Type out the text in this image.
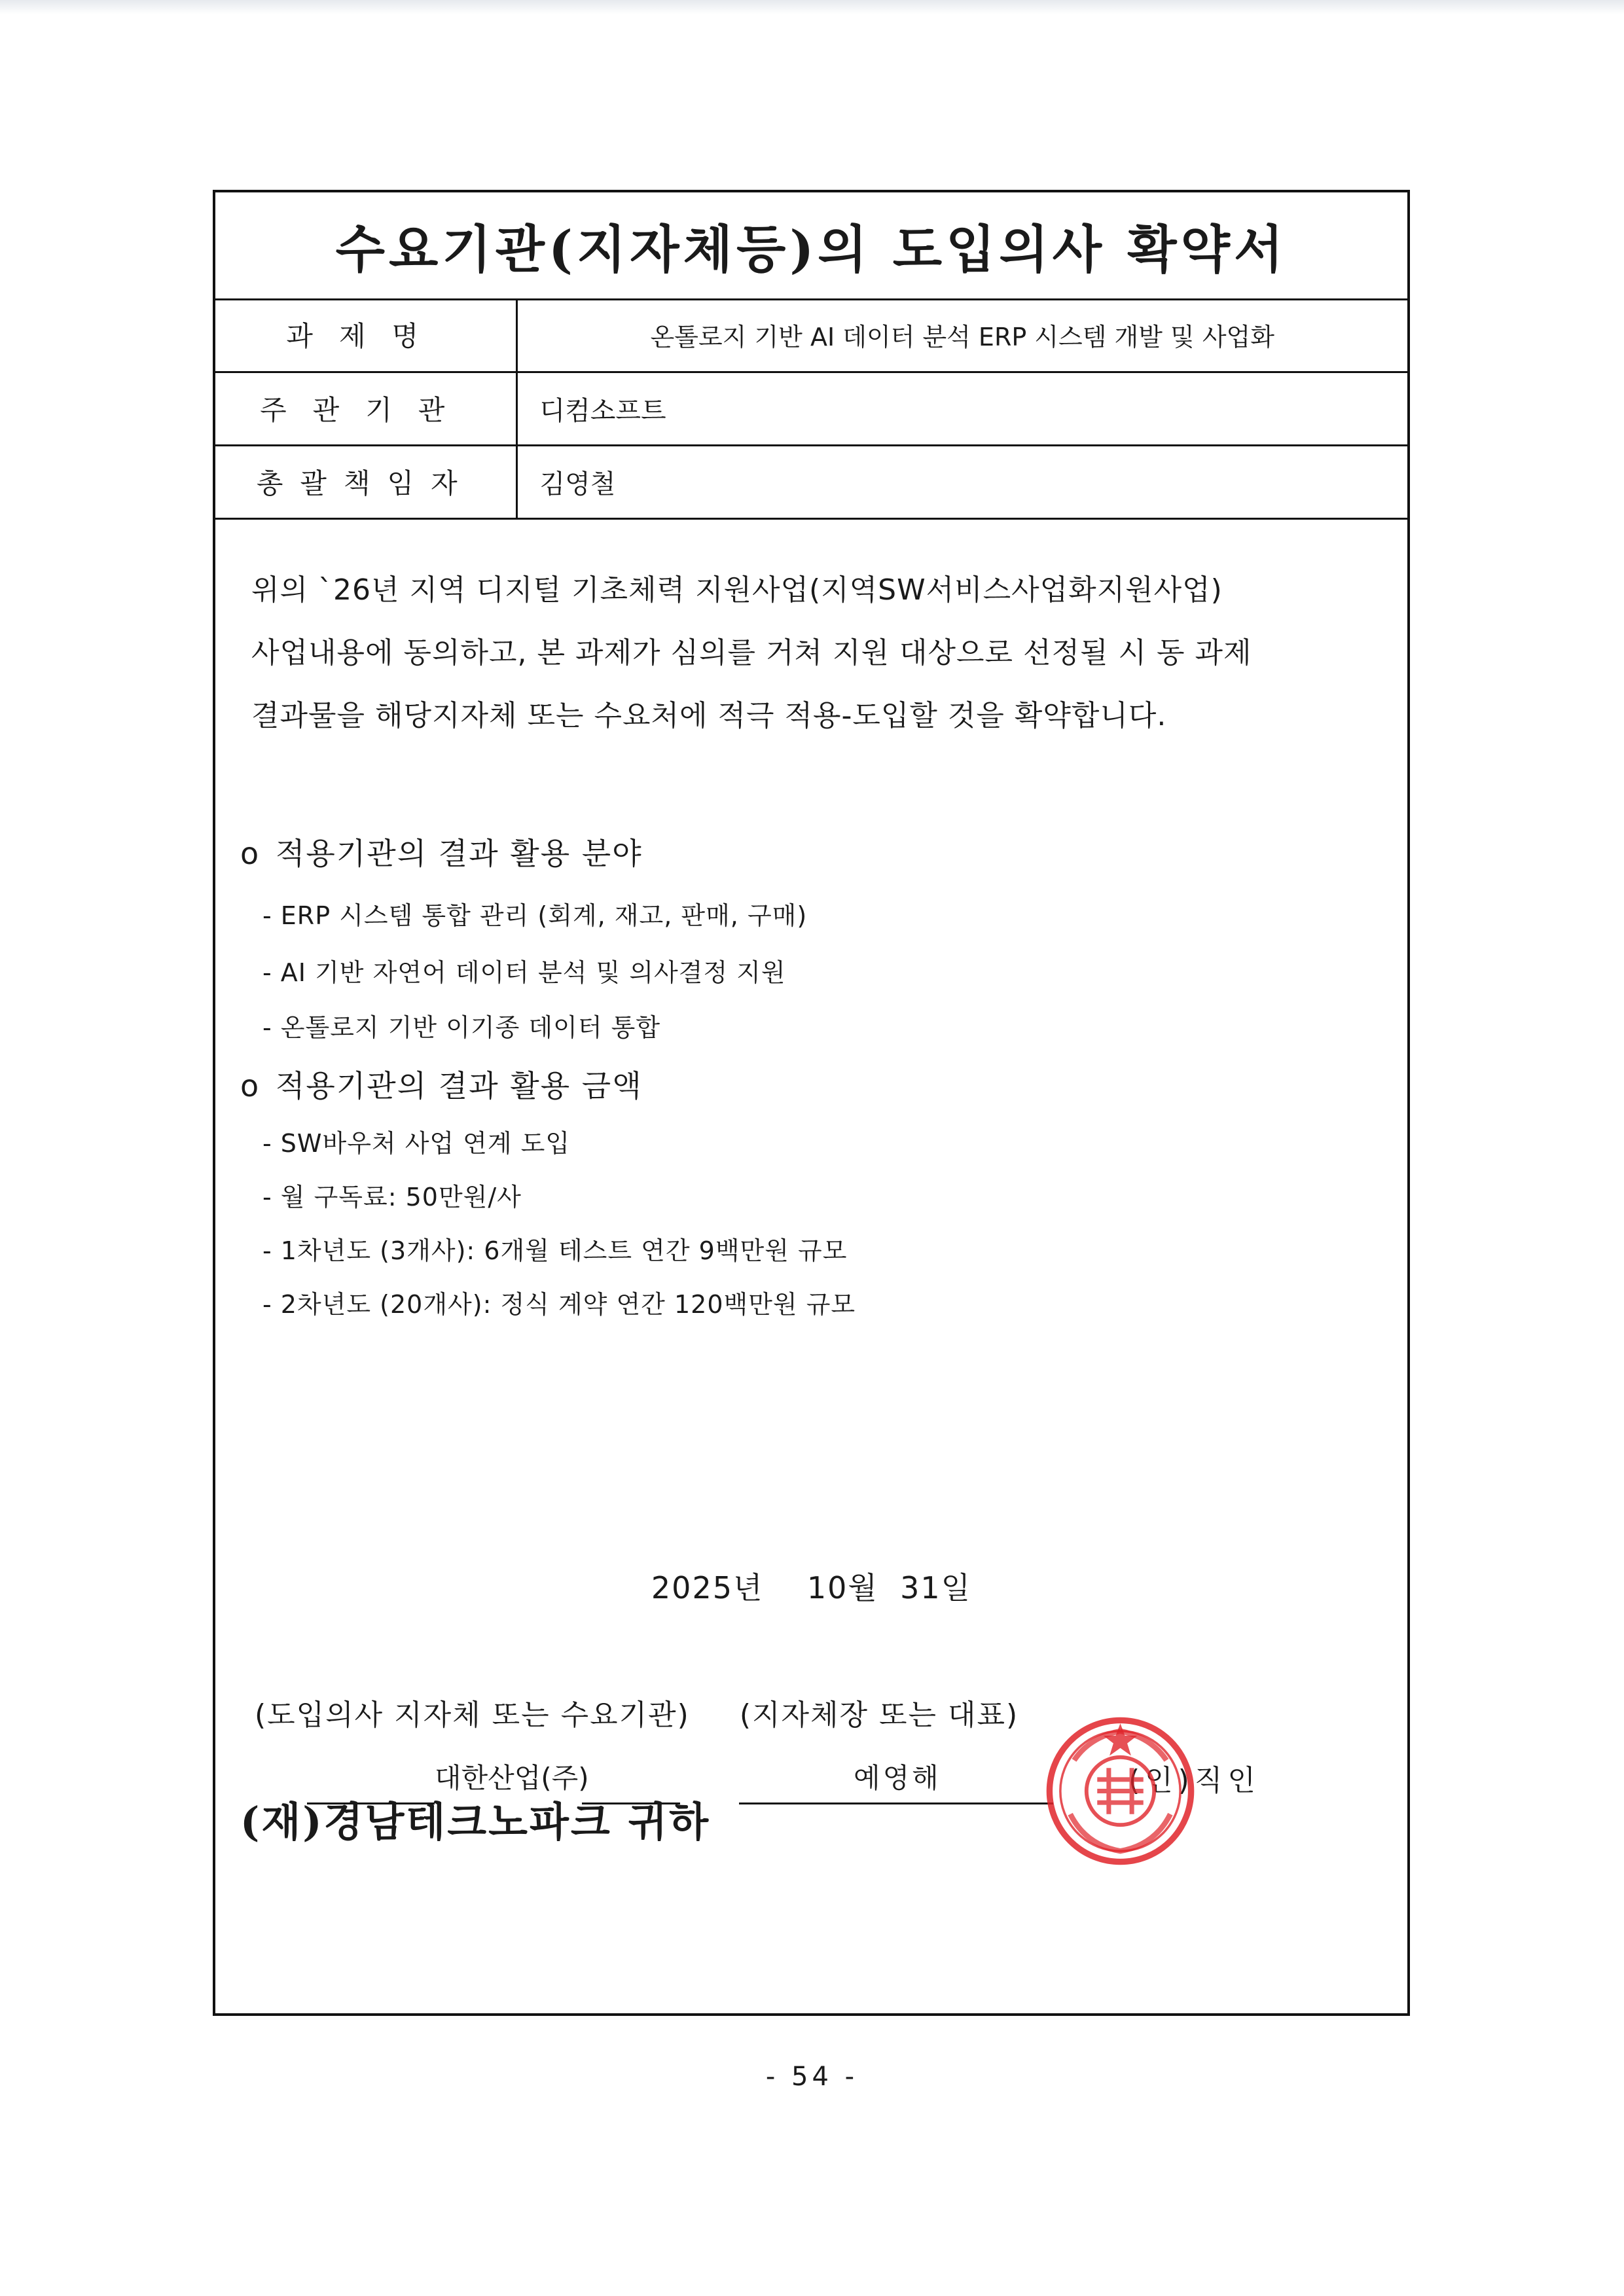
수요기관(지자체등)의 도입의사 확약서
과제명	온톨로지 기반 AI 데이터 분석 ERP 시스템 개발 및 사업화
주관기관	디컴소프트
총괄책임자	김영철

위의 `26년 지역 디지털 기초체력 지원사업(지역SW서비스사업화지원사업)

사업내용에 동의하고, 본 과제가 심의를 거쳐 지원 대상으로 선정될 시 동 과제

결과물을 해당지자체 또는 수요처에 적극 적용-도입할 것을 확약합니다.

o 적용기관의 결과 활용 분야
- ERP 시스템 통합 관리 (회계, 재고, 판매, 구매)
- AI 기반 자연어 데이터 분석 및 의사결정 지원
- 온톨로지 기반 이기종 데이터 통합
o 적용기관의 결과 활용 금액
- SW바우처 사업 연계 도입
- 월 구독료: 50만원/사
- 1차년도 (3개사): 6개월 테스트 연간 9백만원 규모
- 2차년도 (20개사): 정식 계약 연간 120백만원 규모
2025년    10월  31일
(도입의사 지자체 또는 수요기관) (지자체장 또는 대표)
대한산업(주)	예영해	(인)직인
(재)경남테크노파크 귀하
- 54 -
